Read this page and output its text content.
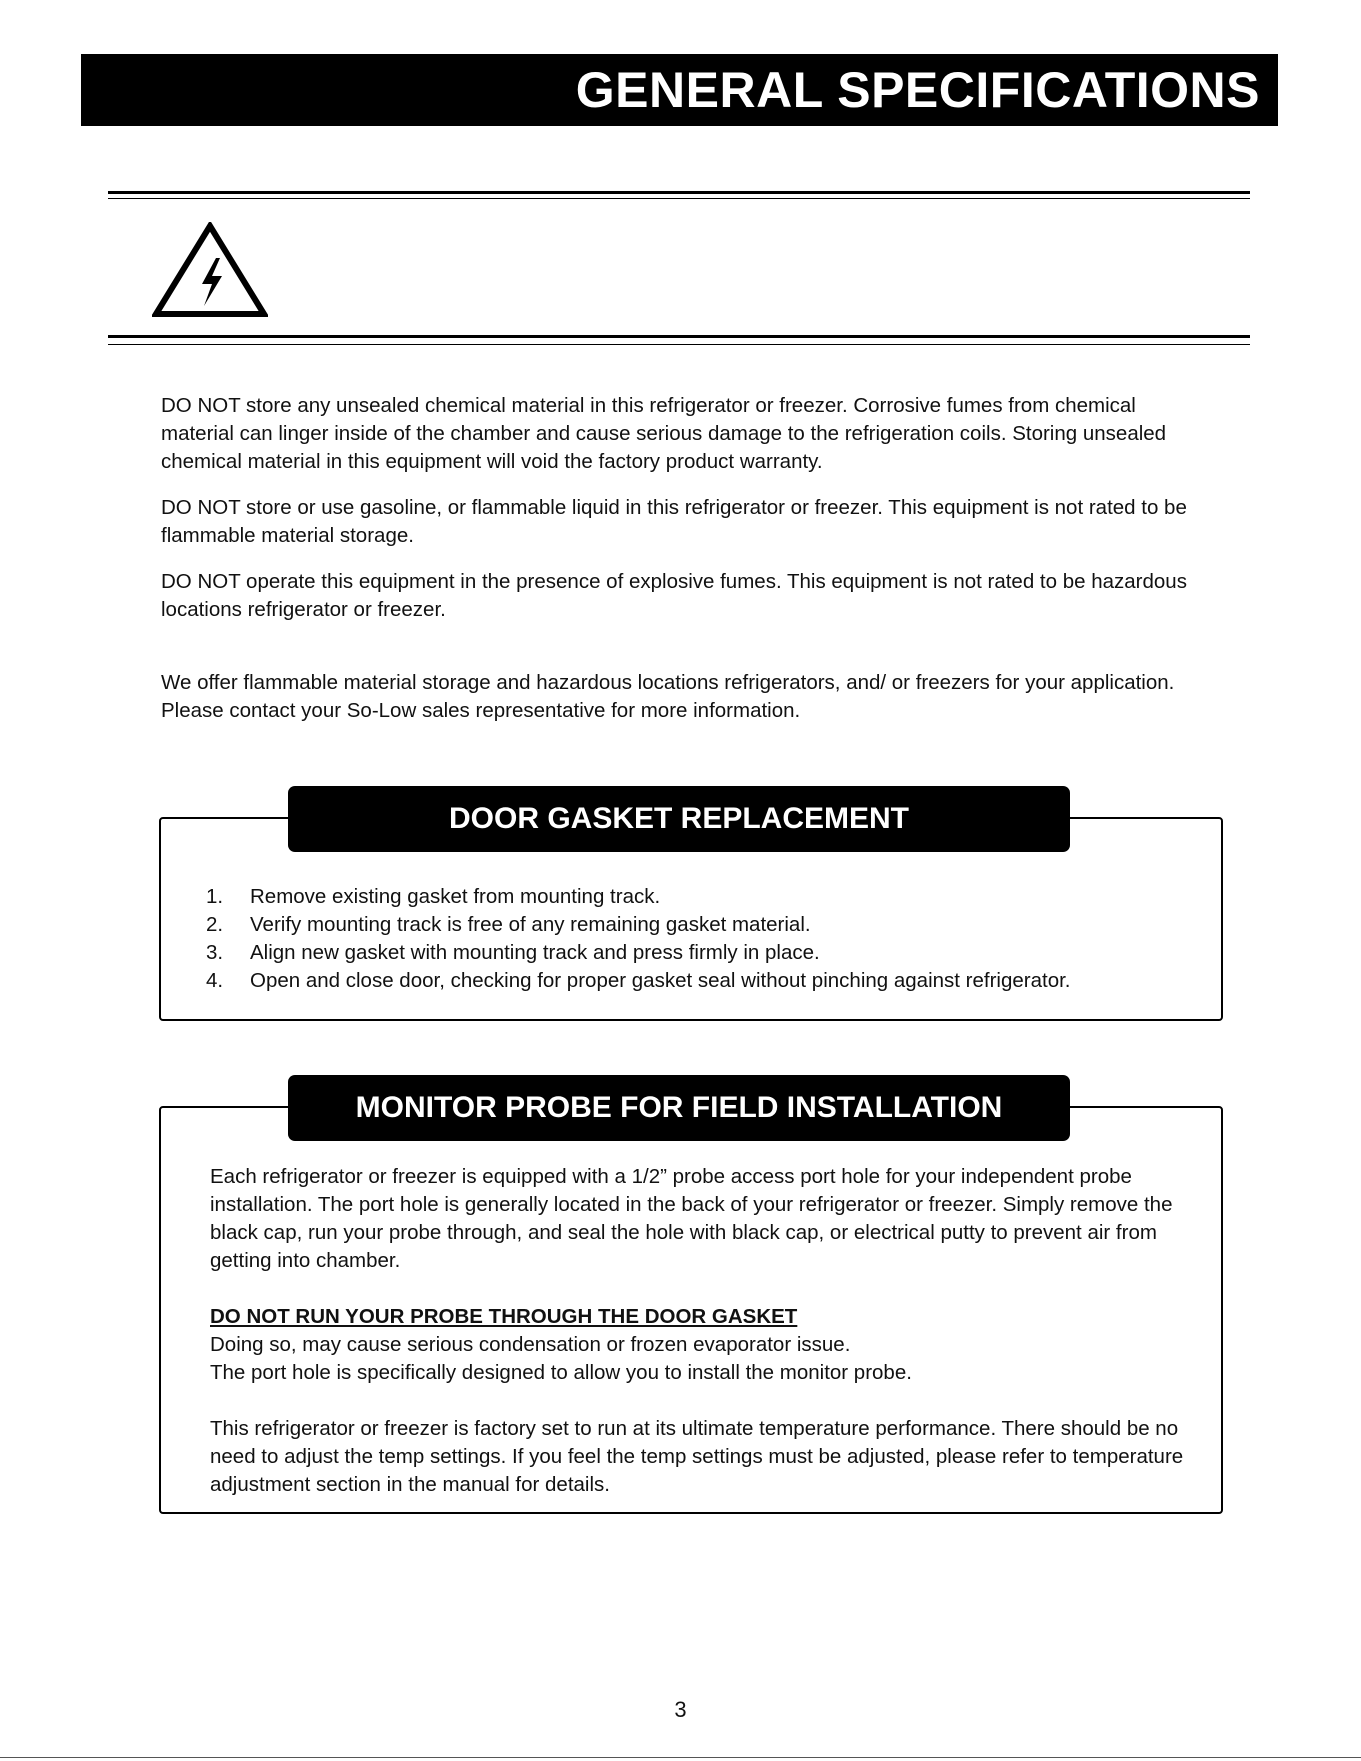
GENERAL SPECIFICATIONS

DO NOT store any unsealed chemical material in this refrigerator or freezer. Corrosive fumes from chemical material can linger inside of the chamber and cause serious damage to the refrigeration coils. Storing unsealed chemical material in this equipment will void the factory product warranty.

DO NOT store or use gasoline, or flammable liquid in this refrigerator or freezer. This equipment is not rated to be flammable material storage.

DO NOT operate this equipment in the presence of explosive fumes. This equipment is not rated to be hazardous locations refrigerator or freezer.

We offer flammable material storage and hazardous locations refrigerators, and/ or freezers for your application. Please contact your So-Low sales representative for more information.

DOOR GASKET REPLACEMENT
1. Remove existing gasket from mounting track.
2. Verify mounting track is free of any remaining gasket material.
3. Align new gasket with mounting track and press firmly in place.
4. Open and close door, checking for proper gasket seal without pinching against refrigerator.
MONITOR PROBE FOR FIELD INSTALLATION

Each refrigerator or freezer is equipped with a 1/2” probe access port hole for your independent probe installation. The port hole is generally located in the back of your refrigerator or freezer. Simply remove the black cap, run your probe through, and seal the hole with black cap, or electrical putty to prevent air from getting into chamber.

DO NOT RUN YOUR PROBE THROUGH THE DOOR GASKET

Doing so, may cause serious condensation or frozen evaporator issue.

The port hole is specifically designed to allow you to install the monitor probe.

This refrigerator or freezer is factory set to run at its ultimate temperature performance. There should be no need to adjust the temp settings. If you feel the temp settings must be adjusted, please refer to temperature adjustment section in the manual for details.

3
